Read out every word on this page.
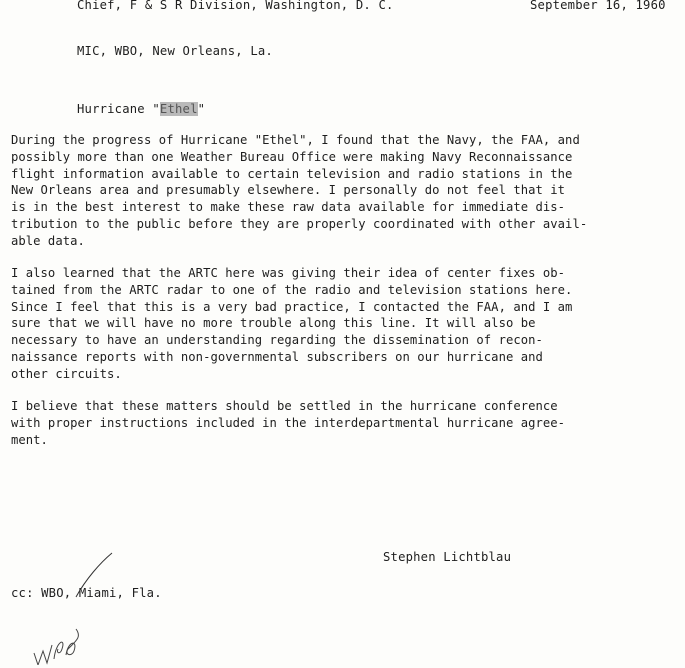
Chief, F & S R Division, Washington, D. C.	September 16, 1960
MIC, WBO, New Orleans, La.
Hurricane "Ethel"

During the progress of Hurricane "Ethel", I found that the Navy, the FAA, and
possibly more than one Weather Bureau Office were making Navy Reconnaissance
flight information available to certain television and radio stations in the
New Orleans area and presumably elsewhere. I personally do not feel that it
is in the best interest to make these raw data available for immediate dis-
tribution to the public before they are properly coordinated with other avail-
able data.

I also learned that the ARTC here was giving their idea of center fixes ob-
tained from the ARTC radar to one of the radio and television stations here.
Since I feel that this is a very bad practice, I contacted the FAA, and I am
sure that we will have no more trouble along this line. It will also be
necessary to have an understanding regarding the dissemination of recon-
naissance reports with non-governmental subscribers on our hurricane and
other circuits.

I believe that these matters should be settled in the hurricane conference
with proper instructions included in the interdepartmental hurricane agree-
ment.

Stephen Lichtblau
cc: WBO, Miami, Fla.
